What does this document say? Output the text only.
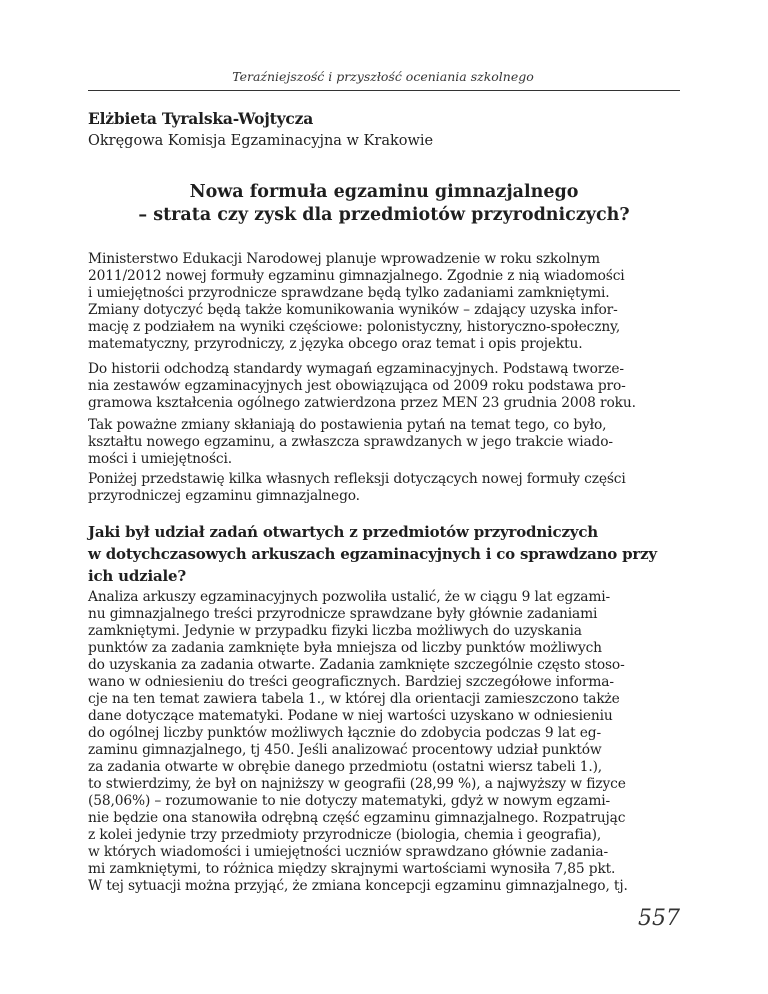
Teraźniejszość i przyszłość oceniania szkolnego
Elżbieta Tyralska-Wojtycza
Okręgowa Komisja Egzaminacyjna w Krakowie
Nowa formuła egzaminu gimnazjalnego
– strata czy zysk dla przedmiotów przyrodniczych?

Ministerstwo Edukacji Narodowej planuje wprowadzenie w roku szkolnym
2011/2012 nowej formuły egzaminu gimnazjalnego. Zgodnie z nią wiadomości
i umiejętności przyrodnicze sprawdzane będą tylko zadaniami zamkniętymi.
Zmiany dotyczyć będą także komunikowania wyników – zdający uzyska infor-
mację z podziałem na wyniki częściowe: polonistyczny, historyczno-społeczny,
matematyczny, przyrodniczy, z języka obcego oraz temat i opis projektu.

Do historii odchodzą standardy wymagań egzaminacyjnych. Podstawą tworze-
nia zestawów egzaminacyjnych jest obowiązująca od 2009 roku podstawa pro-
gramowa kształcenia ogólnego zatwierdzona przez MEN 23 grudnia 2008 roku.

Tak poważne zmiany skłaniają do postawienia pytań na temat tego, co było,
kształtu nowego egzaminu, a zwłaszcza sprawdzanych w jego trakcie wiado-
mości i umiejętności.

Poniżej przedstawię kilka własnych refleksji dotyczących nowej formuły części
przyrodniczej egzaminu gimnazjalnego.

Jaki był udział zadań otwartych z przedmiotów przyrodniczych
w dotychczasowych arkuszach egzaminacyjnych i co sprawdzano przy
ich udziale?

Analiza arkuszy egzaminacyjnych pozwoliła ustalić, że w ciągu 9 lat egzami-
nu gimnazjalnego treści przyrodnicze sprawdzane były głównie zadaniami
zamkniętymi. Jedynie w przypadku fizyki liczba możliwych do uzyskania
punktów za zadania zamknięte była mniejsza od liczby punktów możliwych
do uzyskania za zadania otwarte. Zadania zamknięte szczególnie często stoso-
wano w odniesieniu do treści geograficznych. Bardziej szczegółowe informa-
cje na ten temat zawiera tabela 1., w której dla orientacji zamieszczono także
dane dotyczące matematyki. Podane w niej wartości uzyskano w odniesieniu
do ogólnej liczby punktów możliwych łącznie do zdobycia podczas 9 lat eg-
zaminu gimnazjalnego, tj 450. Jeśli analizować procentowy udział punktów
za zadania otwarte w obrębie danego przedmiotu (ostatni wiersz tabeli 1.),
to stwierdzimy, że był on najniższy w geografii (28,99 %), a najwyższy w fizyce
(58,06%) – rozumowanie to nie dotyczy matematyki, gdyż w nowym egzami-
nie będzie ona stanowiła odrębną część egzaminu gimnazjalnego. Rozpatrując
z kolei jedynie trzy przedmioty przyrodnicze (biologia, chemia i geografia),
w których wiadomości i umiejętności uczniów sprawdzano głównie zadania-
mi zamkniętymi, to różnica między skrajnymi wartościami wynosiła 7,85 pkt.
W tej sytuacji można przyjąć, że zmiana koncepcji egzaminu gimnazjalnego, tj.

557
